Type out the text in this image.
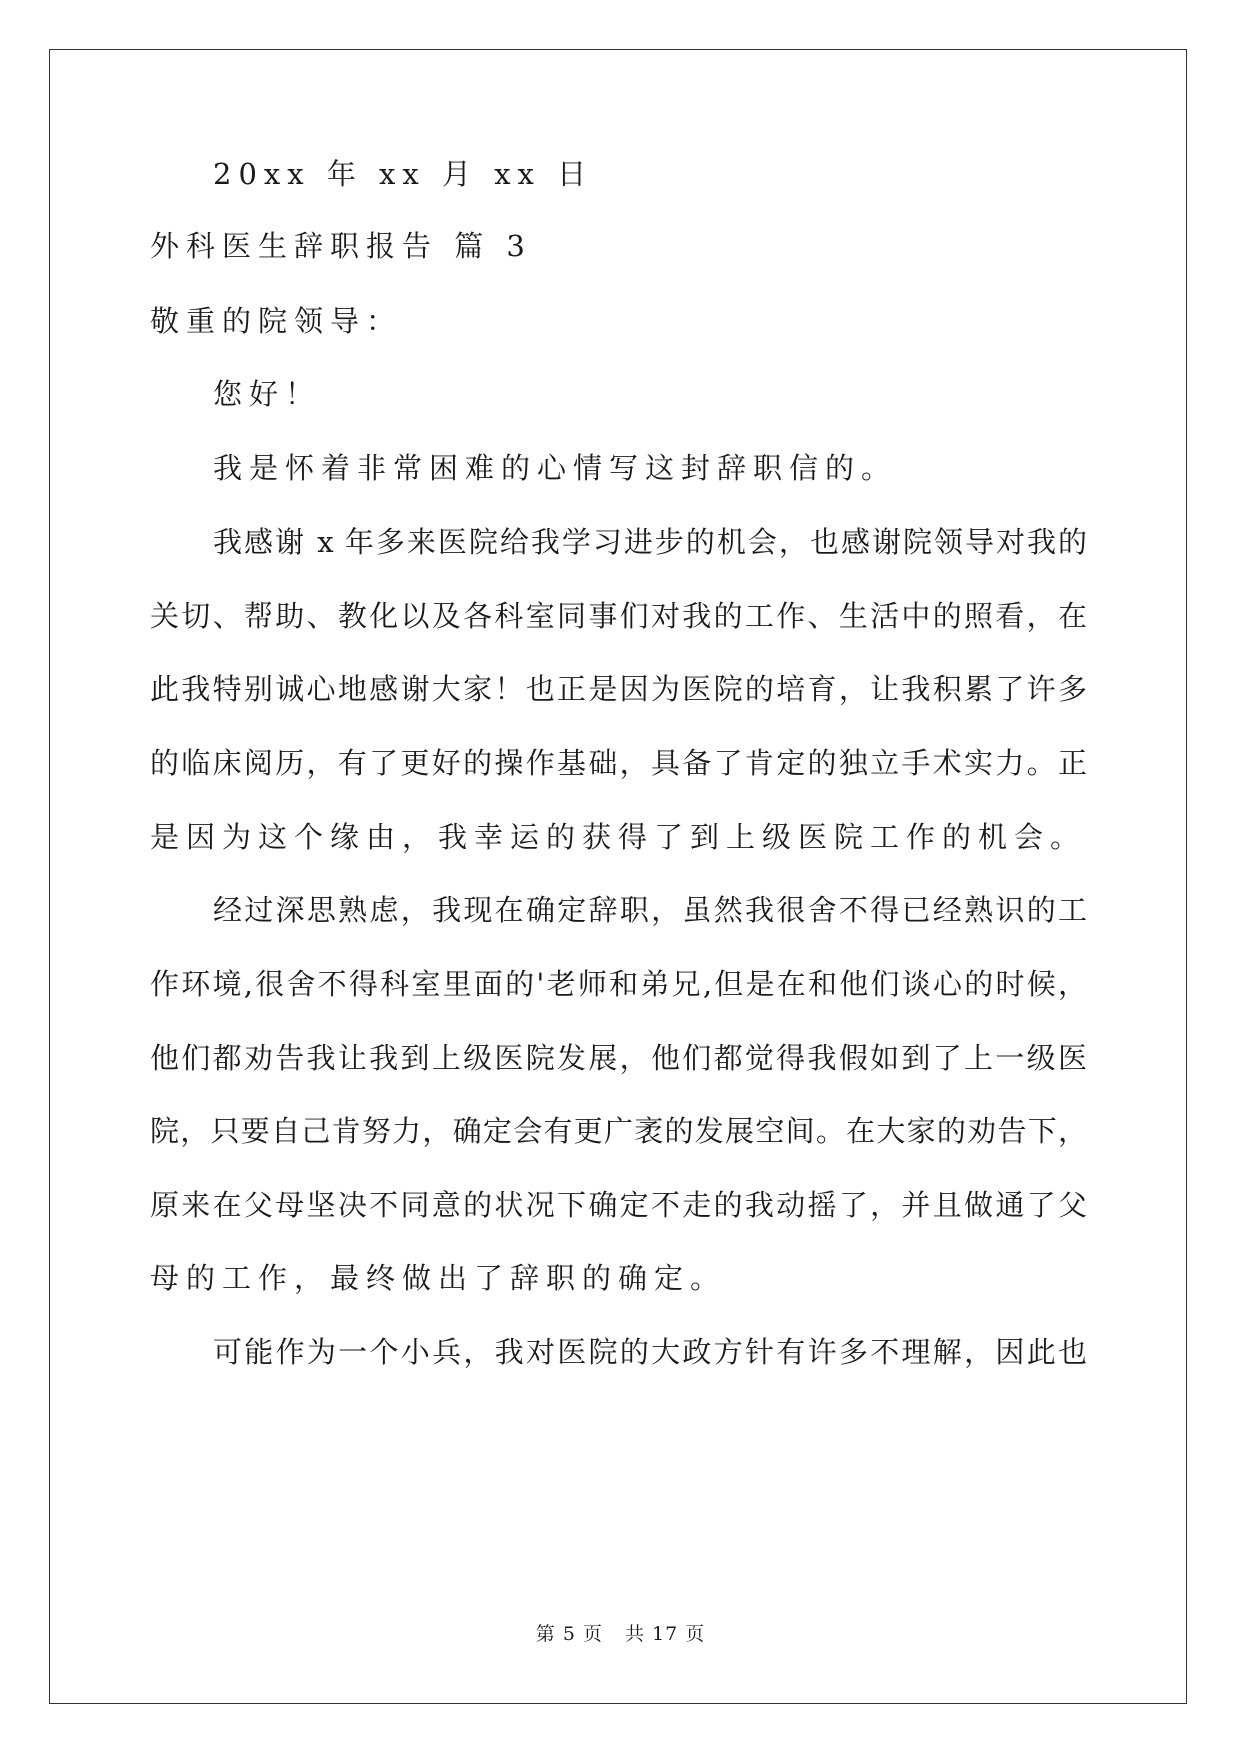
20xx 年 xx 月 xx 日
外科医生辞职报告 篇 3
敬重的院领导：
您好！
我是怀着非常困难的心情写这封辞职信的。
我感谢 x 年多来医院给我学习进步的机会，也感谢院领导对我的
关切、帮助、教化以及各科室同事们对我的工作、生活中的照看，在
此我特别诚心地感谢大家！也正是因为医院的培育，让我积累了许多
的临床阅历，有了更好的操作基础，具备了肯定的独立手术实力。正
是因为这个缘由，我幸运的获得了到上级医院工作的机会。
经过深思熟虑，我现在确定辞职，虽然我很舍不得已经熟识的工
作环境,很舍不得科室里面的'老师和弟兄,但是在和他们谈心的时候，
他们都劝告我让我到上级医院发展，他们都觉得我假如到了上一级医
院，只要自己肯努力，确定会有更广袤的发展空间。在大家的劝告下，
原来在父母坚决不同意的状况下确定不走的我动摇了，并且做通了父
母的工作，最终做出了辞职的确定。
可能作为一个小兵，我对医院的大政方针有许多不理解，因此也
第 5 页 共 17 页
